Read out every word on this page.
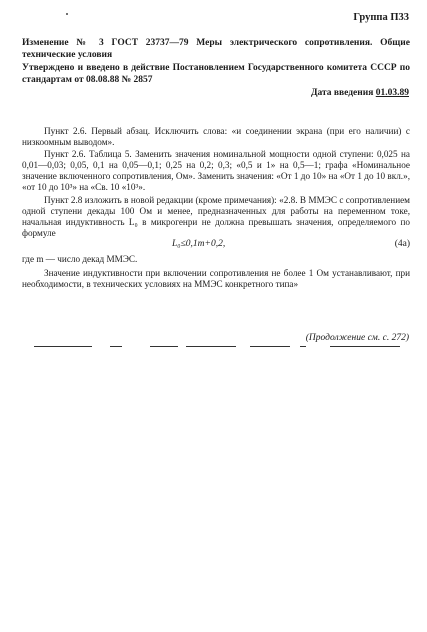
Группа П33
Изменение № 3 ГОСТ 23737—79 Меры электрического сопротивления. Общие технические условия
Утверждено и введено в действие Постановлением Государственного комитета СССР по стандартам от 08.08.88 № 2857
Дата введения 01.03.89

Пункт 2.6. Первый абзац. Исключить слова: «и соединении экрана (при его наличии) с низкоомным выводом».

Пункт 2.6. Таблица 5. Заменить значения номинальной мощности одной ступени: 0,025 на 0,01—0,03; 0,05, 0,1 на 0,05—0,1; 0,25 на 0,2; 0,3; «0,5 и 1» на 0,5—1; графа «Номинальное значение включенного сопротивления, Ом». Заменить значения: «От 1 до 10» на «От 1 до 10 вкл.», «от 10 до 10³» на «Св. 10 «10³».

Пункт 2.8 изложить в новой редакции (кроме примечания): «2.8. В ММЭС с сопротивлением одной ступени декады 100 Ом и менее, предназначенных для работы на переменном токе, начальная индуктивность L₀ в микрогенри не должна превышать значения, определяемого по формуле

L₀≤0,1m+0,2,	(4а)

где m — число декад ММЭС.

Значение индуктивности при включении сопротивления не более 1 Ом устанавливают, при необходимости, в технических условиях на ММЭС конкретного типа»

(Продолжение см. с. 272)
